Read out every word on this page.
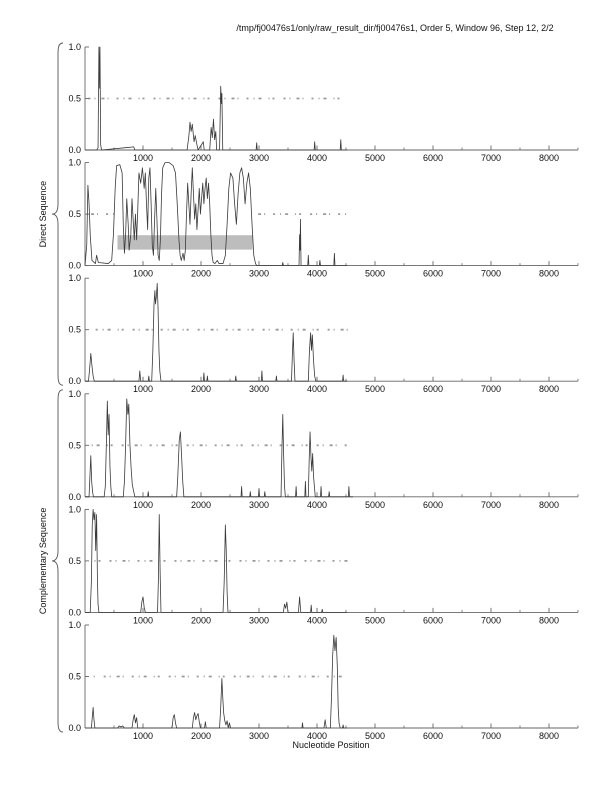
/tmp/fj00476s1/only/raw_result_dir/fj00476s1, Order 5, Window 96, Step 12, 2/2
0.0
0.5
1.0
1000	2000	3000	4000	5000	6000	7000	8000
0.0
0.5
1.0
1000	2000	3000	4000	5000	6000	7000	8000
0.0
0.5
1.0
1000	2000	3000	4000	5000	6000	7000	8000
0.0
0.5
1.0
1000	2000	3000	4000	5000	6000	7000	8000
0.0
0.5
1.0
1000	2000	3000	4000	5000	6000	7000	8000
0.0
0.5
1.0
1000	2000	3000	4000	5000	6000	7000	8000
Direct Sequence
Complementary Sequence
Nucleotide Position
